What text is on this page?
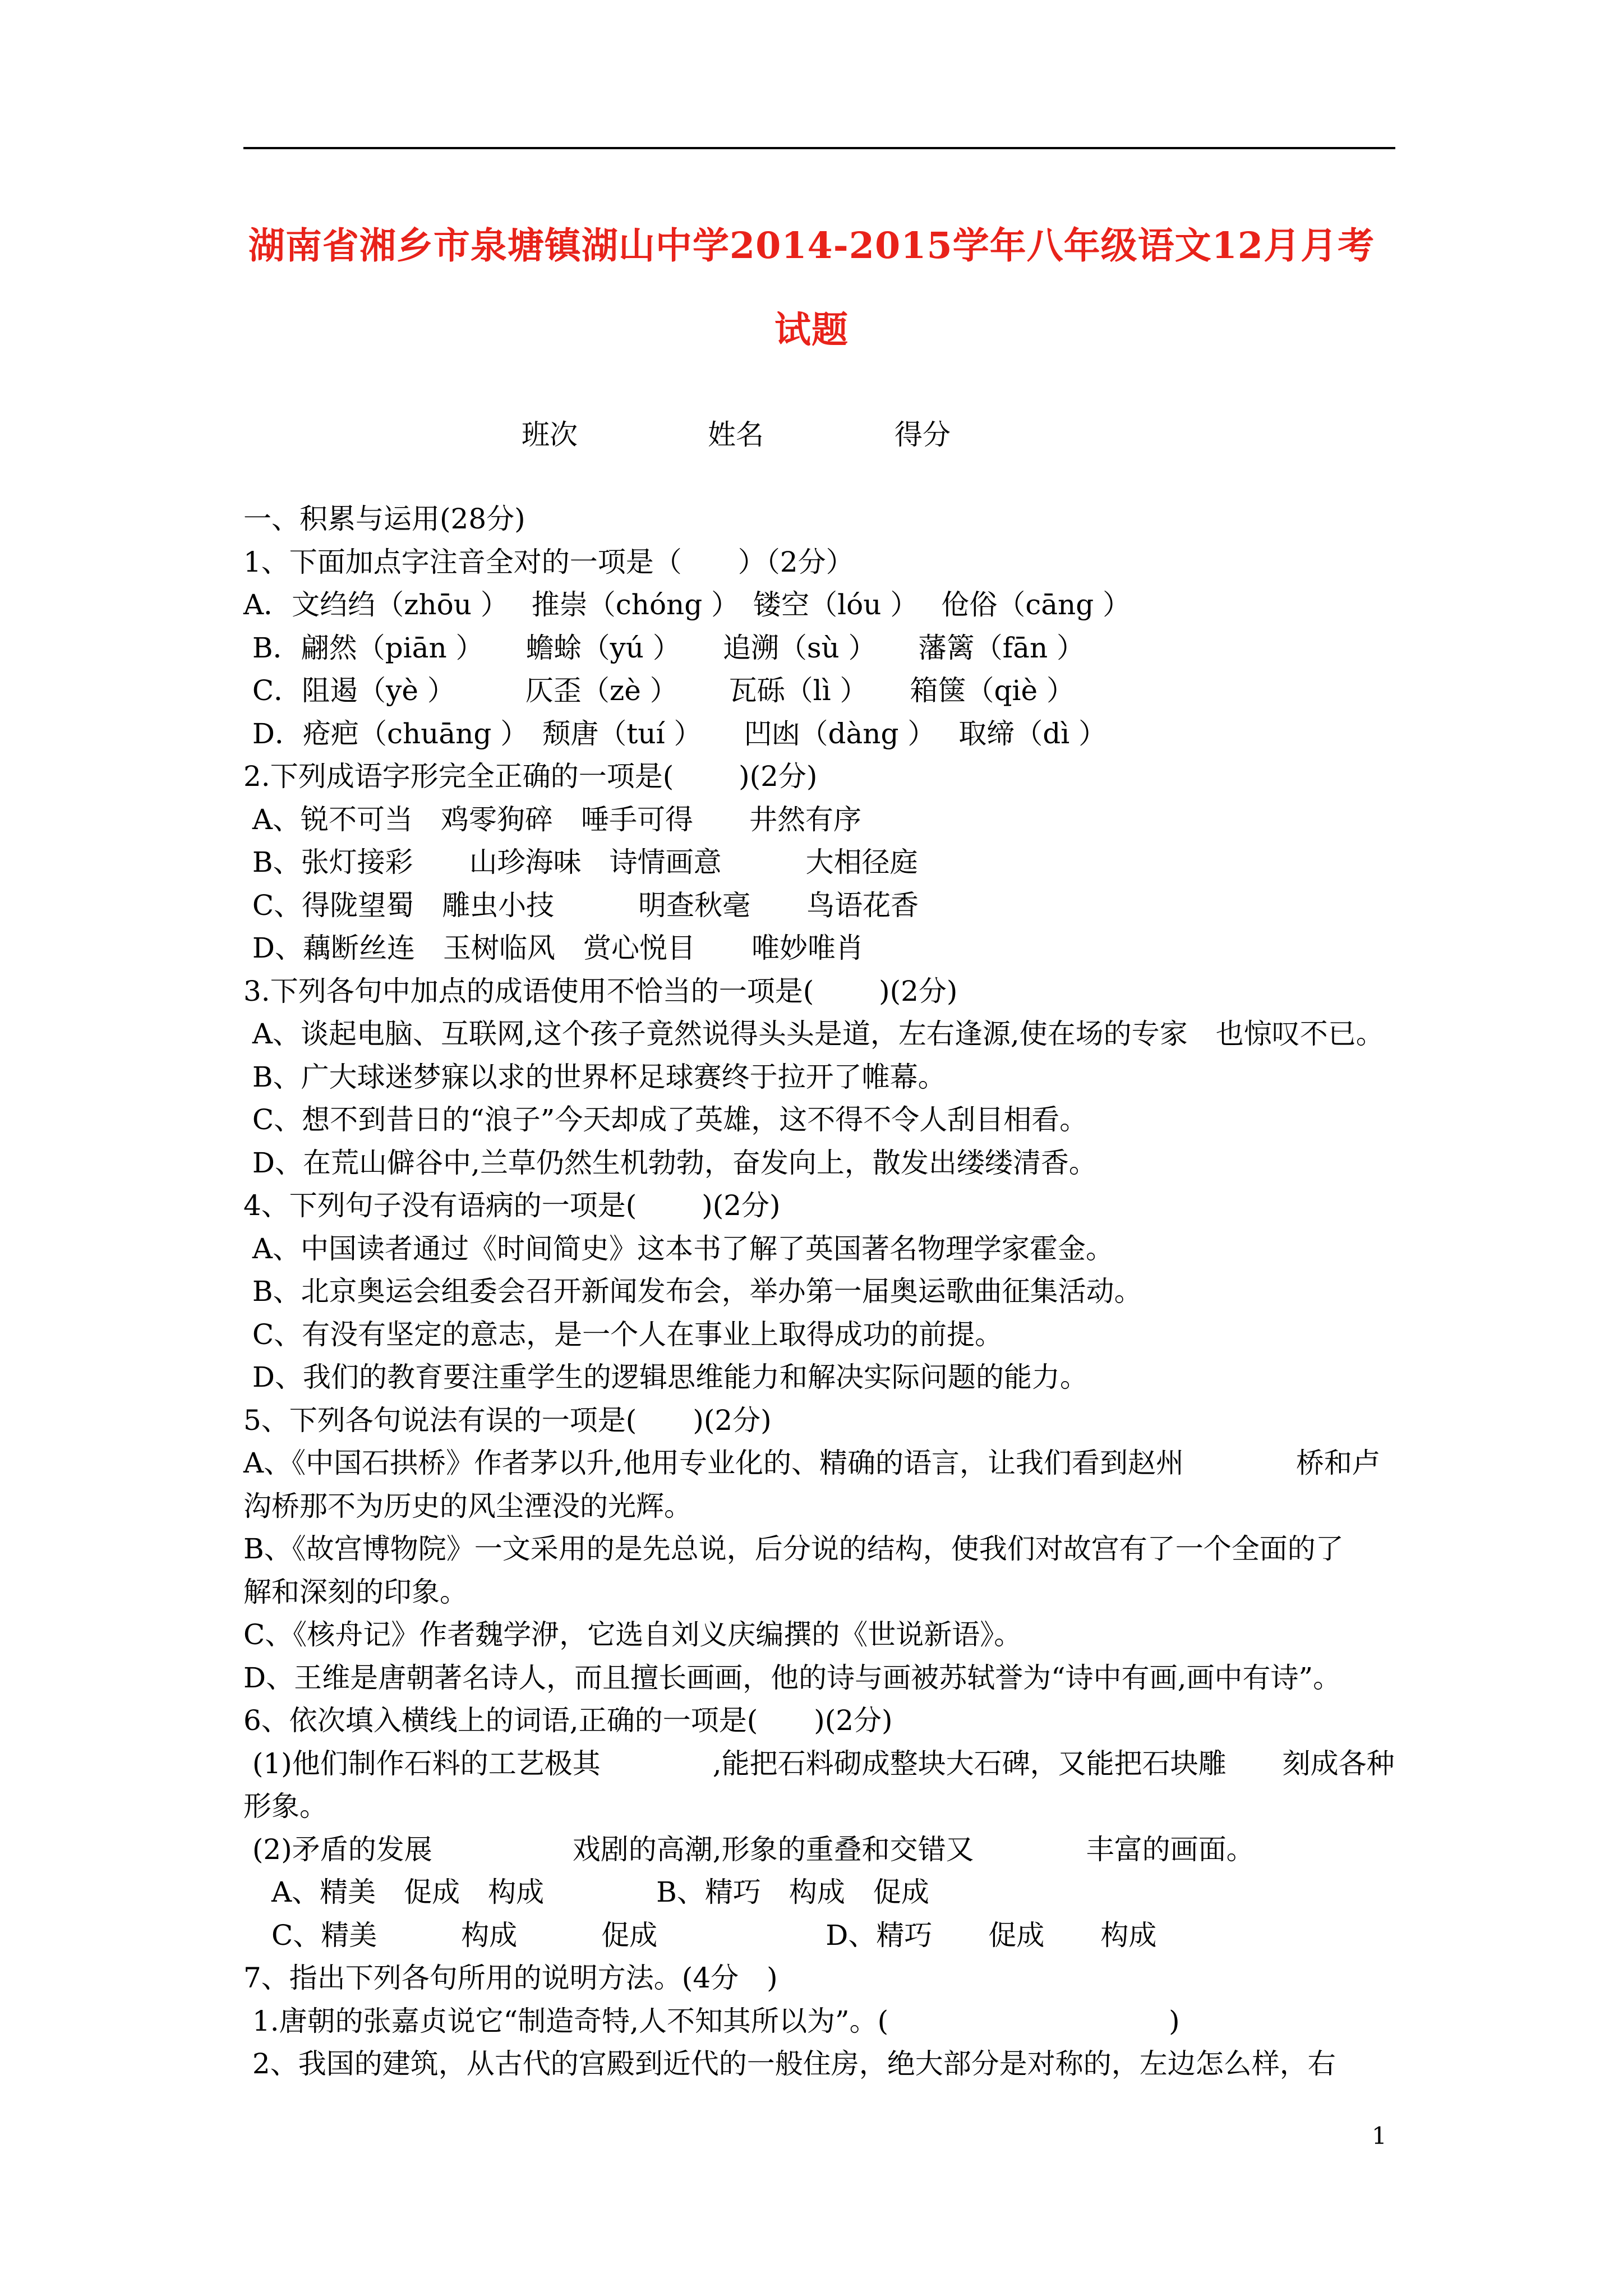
湖南省湘乡市泉塘镇湖山中学2014-2015学年八年级语文12月月考
试题
班次	姓名	得分
一、积累与运用(28分)
1、下面加点字注音全对的一项是（　　）（2分）
A．文绉绉（zhōu ）　 推崇（chóng ）　镂空（lóu ）　 伧俗（cāng ）
B．翩然（piān ）　　蟾蜍（yú ）　　追溯（sù ）　　藩篱（fān ）
C．阻遏（yè ）　　　仄歪（zè ）　　 瓦砾（lì ）　　箱箧（qiè ）
D．疮疤（chuāng ）　颓唐（tuí ）　　凹凼（dàng ）　 取缔（dì ）
2.下列成语字形完全正确的一项是(　　 )(2分)
A、锐不可当　鸡零狗碎　唾手可得　　井然有序
B、张灯接彩　　山珍海味　诗情画意　　　大相径庭
C、得陇望蜀　雕虫小技　　　明查秋毫　　鸟语花香
D、藕断丝连　玉树临风　赏心悦目　　唯妙唯肖
3.下列各句中加点的成语使用不恰当的一项是(　　 )(2分)
A、谈起电脑、互联网,这个孩子竟然说得头头是道，左右逢源,使在场的专家　也惊叹不已。
B、广大球迷梦寐以求的世界杯足球赛终于拉开了帷幕。
C、想不到昔日的“浪子”今天却成了英雄，这不得不令人刮目相看。
D、在荒山僻谷中,兰草仍然生机勃勃，奋发向上，散发出缕缕清香。
4、下列句子没有语病的一项是(　　 )(2分)
A、中国读者通过《时间简史》这本书了解了英国著名物理学家霍金。
B、北京奥运会组委会召开新闻发布会，举办第一届奥运歌曲征集活动。
C、有没有坚定的意志，是一个人在事业上取得成功的前提。
D、我们的教育要注重学生的逻辑思维能力和解决实际问题的能力。
5、下列各句说法有误的一项是(　　)(2分)
A、《中国石拱桥》作者茅以升,他用专业化的、精确的语言，让我们看到赵州　　　　桥和卢
沟桥那不为历史的风尘湮没的光辉。
B、《故宫博物院》一文采用的是先总说，后分说的结构，使我们对故宫有了一个全面的了
解和深刻的印象。
C、《核舟记》作者魏学洢，它选自刘义庆编撰的《世说新语》。
D、王维是唐朝著名诗人，而且擅长画画，他的诗与画被苏轼誉为“诗中有画,画中有诗”。
6、依次填入横线上的词语,正确的一项是(　　)(2分)
(1)他们制作石料的工艺极其　　　　,能把石料砌成整块大石碑，又能把石块雕　　刻成各种
形象。
(2)矛盾的发展　　　　　戏剧的高潮,形象的重叠和交错又　　　　丰富的画面。
　A、精美　促成　构成　　　　B、精巧　构成　促成
　C、精美　　　构成　　　促成　　　　　　D、精巧　　促成　　构成
7、指出下列各句所用的说明方法。(4分　)
1.唐朝的张嘉贞说它“制造奇特,人不知其所以为”。(　　　　　　　　　　)
2、我国的建筑，从古代的宫殿到近代的一般住房，绝大部分是对称的，左边怎么样，右
1
